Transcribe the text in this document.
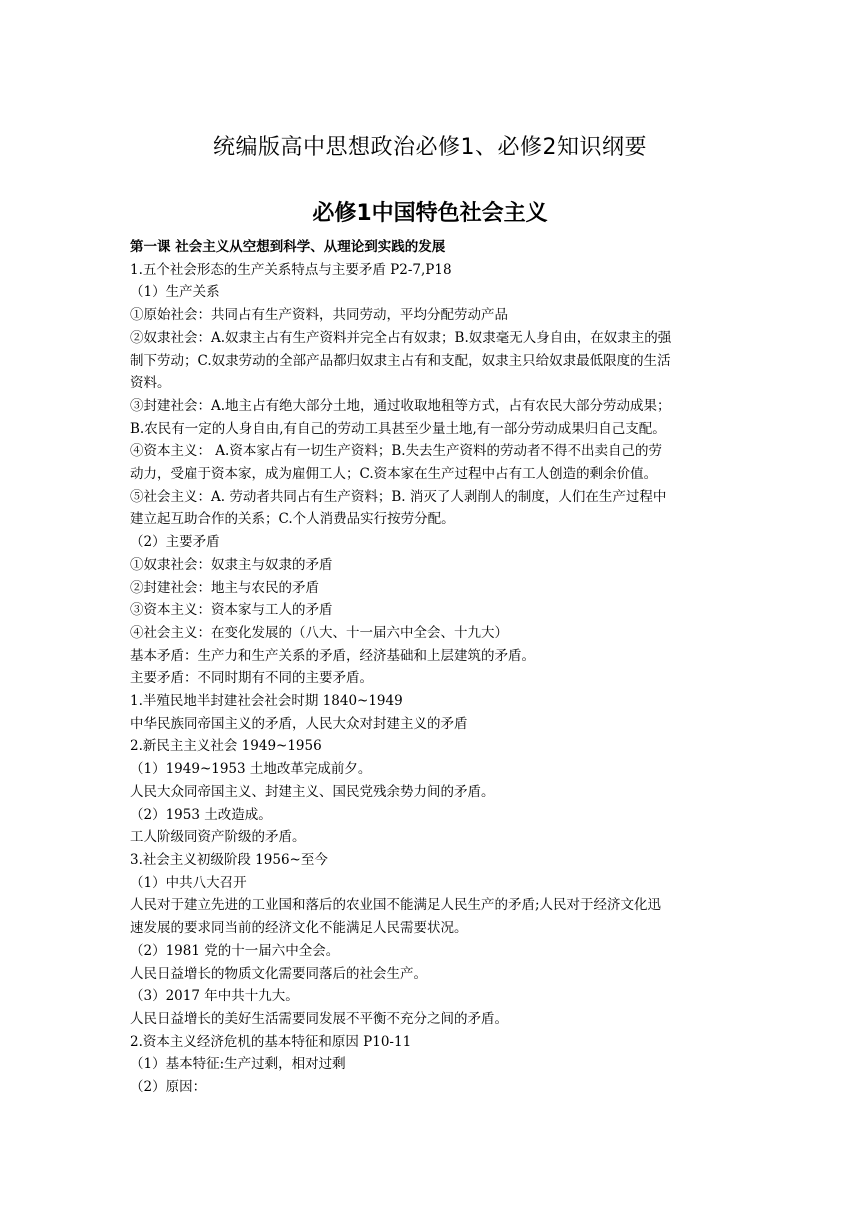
统编版高中思想政治必修1、必修2知识纲要
必修1中国特色社会主义

第一课 社会主义从空想到科学、从理论到实践的发展

1.五个社会形态的生产关系特点与主要矛盾 P2-7,P18

（1）生产关系

①原始社会：共同占有生产资料，共同劳动，平均分配劳动产品

②奴隶社会：A.奴隶主占有生产资料并完全占有奴隶；B.奴隶毫无人身自由，在奴隶主的强

制下劳动；C.奴隶劳动的全部产品都归奴隶主占有和支配，奴隶主只给奴隶最低限度的生活

资料。

③封建社会：A.地主占有绝大部分土地，通过收取地租等方式，占有农民大部分劳动成果；

B.农民有一定的人身自由,有自己的劳动工具甚至少量土地,有一部分劳动成果归自己支配。

④资本主义： A.资本家占有一切生产资料；B.失去生产资料的劳动者不得不出卖自己的劳

动力，受雇于资本家，成为雇佣工人；C.资本家在生产过程中占有工人创造的剩余价值。

⑤社会主义：A. 劳动者共同占有生产资料；B. 消灭了人剥削人的制度，人们在生产过程中

建立起互助合作的关系；C.个人消费品实行按劳分配。

（2）主要矛盾

①奴隶社会：奴隶主与奴隶的矛盾

②封建社会：地主与农民的矛盾

③资本主义：资本家与工人的矛盾

④社会主义：在变化发展的（八大、十一届六中全会、十九大）

基本矛盾：生产力和生产关系的矛盾，经济基础和上层建筑的矛盾。

主要矛盾：不同时期有不同的主要矛盾。

1.半殖民地半封建社会社会时期 1840~1949

中华民族同帝国主义的矛盾，人民大众对封建主义的矛盾

2.新民主主义社会 1949~1956

（1）1949~1953 土地改革完成前夕。

人民大众同帝国主义、封建主义、国民党残余势力间的矛盾。

（2）1953 土改造成。

工人阶级同资产阶级的矛盾。

3.社会主义初级阶段 1956~至今

（1）中共八大召开

人民对于建立先进的工业国和落后的农业国不能满足人民生产的矛盾;人民对于经济文化迅

速发展的要求同当前的经济文化不能满足人民需要状况。

（2）1981 党的十一届六中全会。

人民日益增长的物质文化需要同落后的社会生产。

（3）2017 年中共十九大。

人民日益增长的美好生活需要同发展不平衡不充分之间的矛盾。

2.资本主义经济危机的基本特征和原因 P10-11

（1）基本特征:生产过剩，相对过剩

（2）原因：
